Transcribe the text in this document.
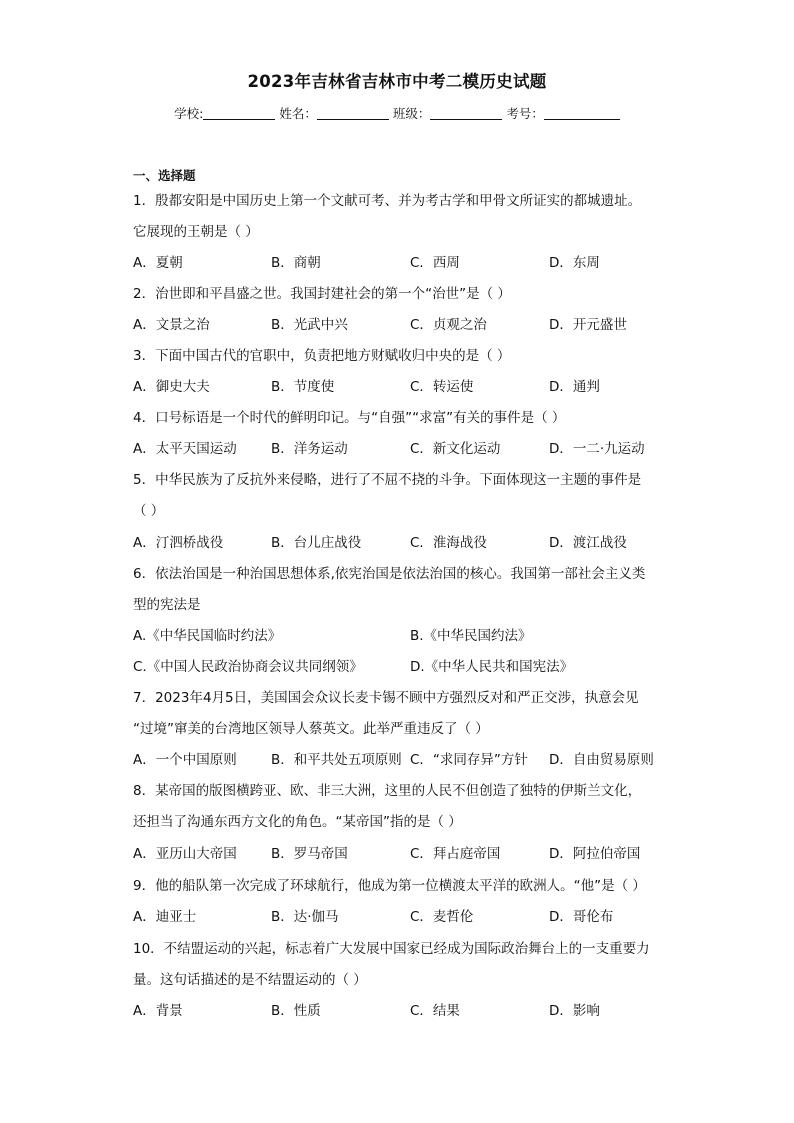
2023年吉林省吉林市中考二模历史试题
学校:	姓名：	班级：	考号：
一、选择题
1．殷都安阳是中国历史上第一个文献可考、并为考古学和甲骨文所证实的都城遗址。
它展现的王朝是（ ）
A．夏朝	B．商朝	C．西周	D．东周
2．治世即和平昌盛之世。我国封建社会的第一个“治世”是（ ）
A．文景之治	B．光武中兴	C．贞观之治	D．开元盛世
3．下面中国古代的官职中，负责把地方财赋收归中央的是（ ）
A．御史大夫	B．节度使	C．转运使	D．通判
4．口号标语是一个时代的鲜明印记。与“自强”“求富”有关的事件是（ ）
A．太平天国运动	B．洋务运动	C．新文化运动	D．一二·九运动
5．中华民族为了反抗外来侵略，进行了不屈不挠的斗争。下面体现这一主题的事件是
（ ）
A．汀泗桥战役	B．台儿庄战役	C．淮海战役	D．渡江战役
6．依法治国是一种治国思想体系,依宪治国是依法治国的核心。我国第一部社会主义类
型的宪法是
A.《中华民国临时约法》	B.《中华民国约法》
C.《中国人民政治协商会议共同纲领》	D.《中华人民共和国宪法》
7．2023年4月5日，美国国会众议长麦卡锡不顾中方强烈反对和严正交涉，执意会见
“过境”窜美的台湾地区领导人蔡英文。此举严重违反了（ ）
A．一个中国原则	B．和平共处五项原则 C．“求同存异”方针 D．自由贸易原则
8．某帝国的版图横跨亚、欧、非三大洲，这里的人民不但创造了独特的伊斯兰文化，
还担当了沟通东西方文化的角色。“某帝国”指的是（ ）
A．亚历山大帝国	B．罗马帝国	C．拜占庭帝国	D．阿拉伯帝国
9．他的船队第一次完成了环球航行，他成为第一位横渡太平洋的欧洲人。“他”是（ ）
A．迪亚士	B．达·伽马	C．麦哲伦	D．哥伦布
10．不结盟运动的兴起，标志着广大发展中国家已经成为国际政治舞台上的一支重要力
量。这句话描述的是不结盟运动的（ ）
A．背景	B．性质	C．结果	D．影响
